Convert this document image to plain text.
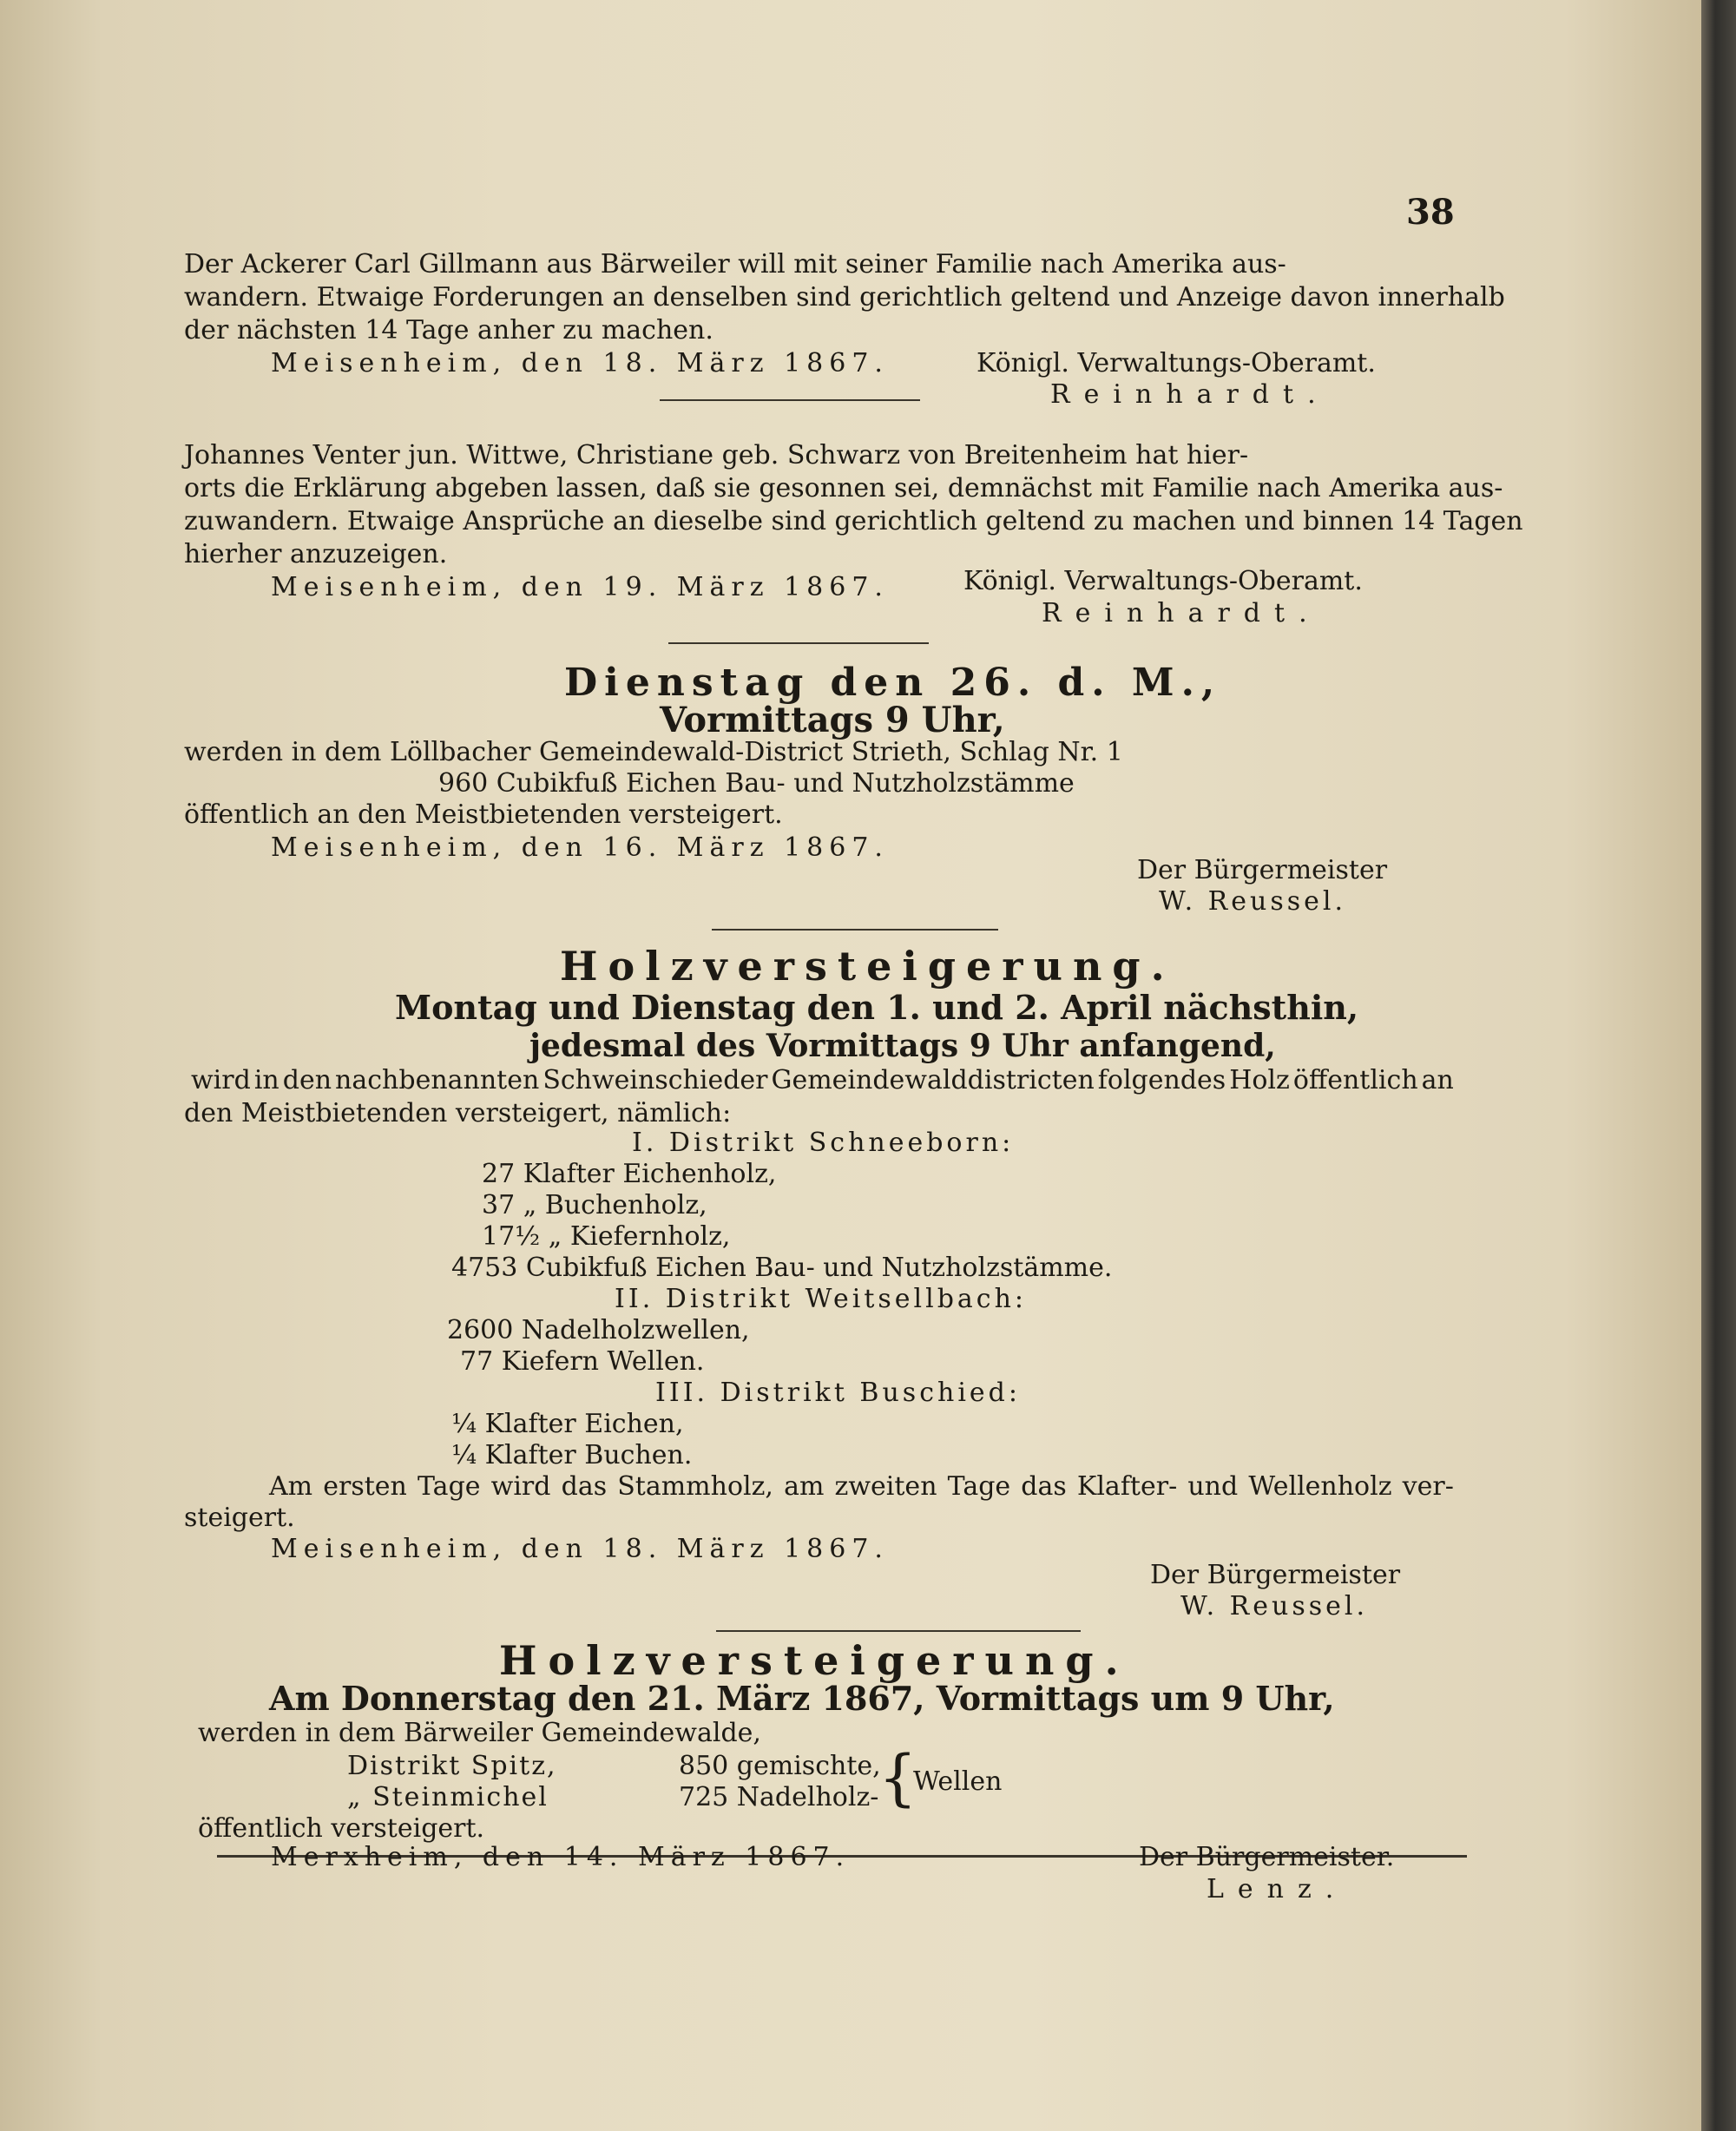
38
Der Ackerer Carl Gillmann aus Bärweiler will mit seiner Familie nach Amerika aus-
wandern. Etwaige Forderungen an denselben sind gerichtlich geltend und Anzeige davon innerhalb
der nächsten 14 Tage anher zu machen.
Meisenheim, den 18. März 1867.	Königl. Verwaltungs-Oberamt.
Reinhardt.
Johannes Venter jun. Wittwe, Christiane geb. Schwarz von Breitenheim hat hier-
orts die Erklärung abgeben lassen, daß sie gesonnen sei, demnächst mit Familie nach Amerika aus-
zuwandern. Etwaige Ansprüche an dieselbe sind gerichtlich geltend zu machen und binnen 14 Tagen
hierher anzuzeigen.
Meisenheim, den 19. März 1867.	Königl. Verwaltungs-Oberamt.
Reinhardt.
Dienstag den 26. d. M.,
Vormittags 9 Uhr,
werden in dem Löllbacher Gemeindewald-District Strieth, Schlag Nr. 1
960 Cubikfuß Eichen Bau- und Nutzholzstämme
öffentlich an den Meistbietenden versteigert.
Meisenheim, den 16. März 1867.
Der Bürgermeister
W. Reussel.
Holzversteigerung.
Montag und Dienstag den 1. und 2. April nächsthin,
jedesmal des Vormittags 9 Uhr anfangend,
wird in den nachbenannten Schweinschieder Gemeindewalddistricten folgendes Holz öffentlich an
den Meistbietenden versteigert, nämlich:
I. Distrikt Schneeborn:
27 Klafter Eichenholz,
37 „ Buchenholz,
17½ „ Kiefernholz,
4753 Cubikfuß Eichen Bau- und Nutzholzstämme.
II. Distrikt Weitsellbach:
2600 Nadelholzwellen,
77 Kiefern Wellen.
III. Distrikt Buschied:
¼ Klafter Eichen,
¼ Klafter Buchen.
Am ersten Tage wird das Stammholz, am zweiten Tage das Klafter- und Wellenholz ver-
steigert.
Meisenheim, den 18. März 1867.
Der Bürgermeister
W. Reussel.
Holzversteigerung.
Am Donnerstag den 21. März 1867, Vormittags um 9 Uhr,
werden in dem Bärweiler Gemeindewalde,
Distrikt Spitz,	850 gemischte,
„ Steinmichel	725 Nadelholz- {
Wellen
öffentlich versteigert.
Merxheim, den 14. März 1867.	Der Bürgermeister.
Lenz.
